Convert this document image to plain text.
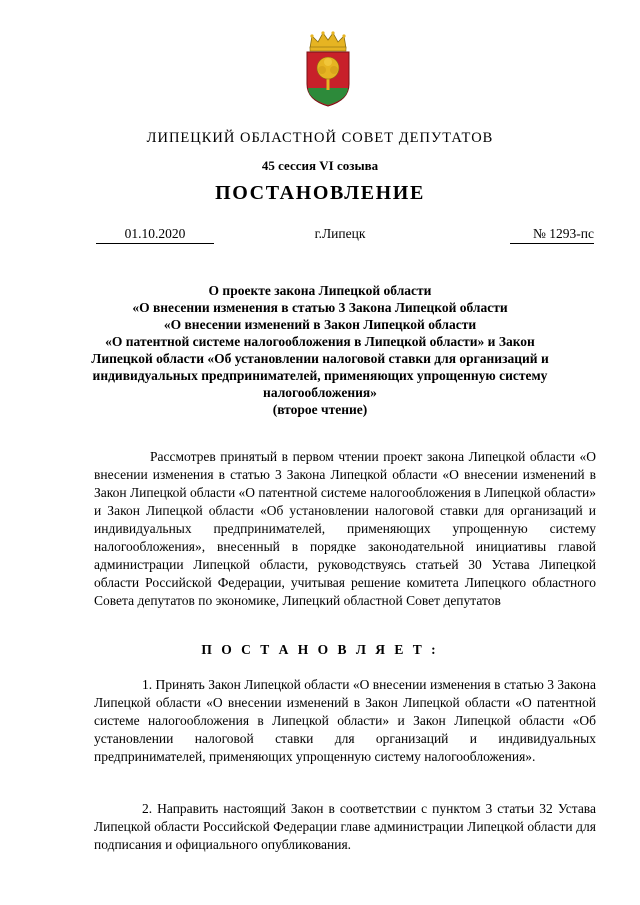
ЛИПЕЦКИЙ ОБЛАСТНОЙ СОВЕТ ДЕПУТАТОВ
45 сессия VI созыва
ПОСТАНОВЛЕНИЕ
01.10.2020	г.Липецк	№ 1293-пс
О проекте закона Липецкой области
«О внесении изменения в статью 3 Закона Липецкой области
«О внесении изменений в Закон Липецкой области
«О патентной системе налогообложения в Липецкой области» и Закон Липецкой области «Об установлении налоговой ставки для организаций и индивидуальных предпринимателей, применяющих упрощенную систему налогообложения»
(второе чтение)
Рассмотрев принятый в первом чтении проект закона Липецкой области «О внесении изменения в статью 3 Закона Липецкой области «О внесении изменений в Закон Липецкой области «О патентной системе налогообложения в Липецкой области» и Закон Липецкой области «Об установлении налоговой ставки для организаций и индивидуальных предпринимателей, применяющих упрощенную систему налогообложения», внесенный в порядке законодательной инициативы главой администрации Липецкой области, руководствуясь статьей 30 Устава Липецкой области Российской Федерации, учитывая решение комитета Липецкого областного Совета депутатов по экономике, Липецкий областной Совет депутатов
П О С Т А Н О В Л Я Е Т :
1. Принять Закон Липецкой области «О внесении изменения в статью 3 Закона Липецкой области «О внесении изменений в Закон Липецкой области «О патентной системе налогообложения в Липецкой области» и Закон Липецкой области «Об установлении налоговой ставки для организаций и индивидуальных предпринимателей, применяющих упрощенную систему налогообложения».
2. Направить настоящий Закон в соответствии с пунктом 3 статьи 32 Устава Липецкой области Российской Федерации главе администрации Липецкой области для подписания и официального опубликования.
